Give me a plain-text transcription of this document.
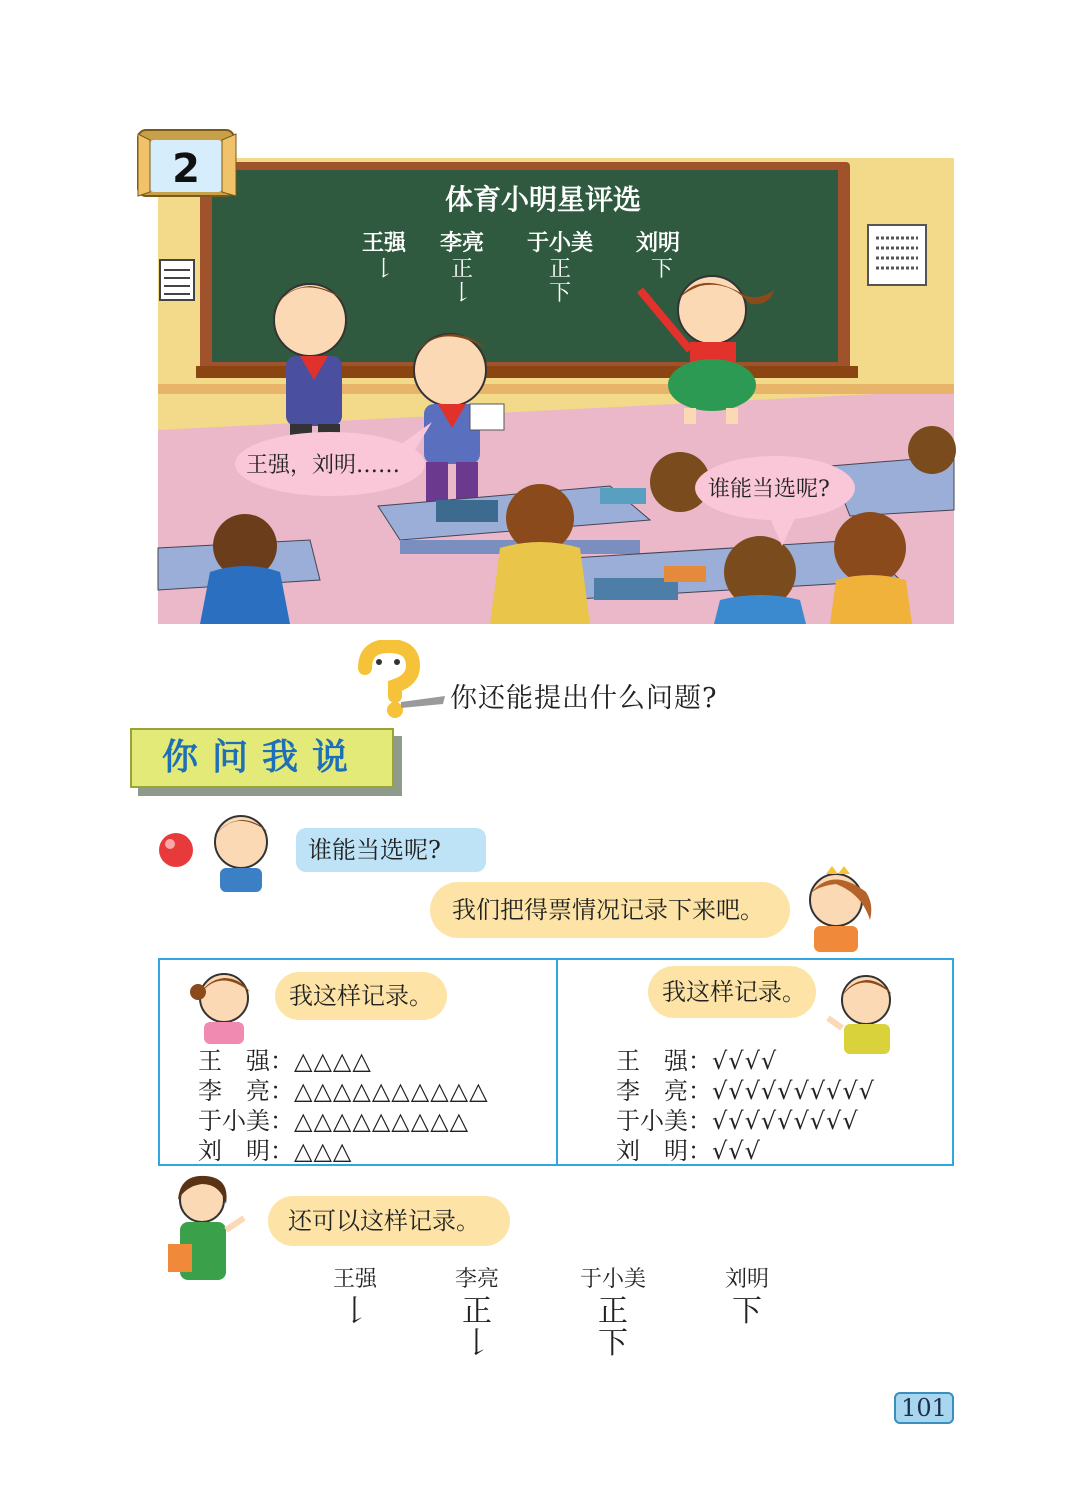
体育小明星评选
王强 李亮 于小美 刘明
𠄌	正
𠄌
正
下
下
2
王强，刘明……
谁能当选呢?
你还能提出什么问题?
你问我说
谁能当选呢?
我们把得票情况记录下来吧。
王 强： △△△△
李 亮： △△△△△△△△△△
于小美： △△△△△△△△△
刘 明： △△△
王 强： √√√√
李 亮： √√√√√√√√√√
于小美： √√√√√√√√√
刘 明： √√√
我这样记录。	我这样记录。
还可以这样记录。
王强
𠄌
李亮
正
𠄌
于小美
正
下
刘明
下
101
